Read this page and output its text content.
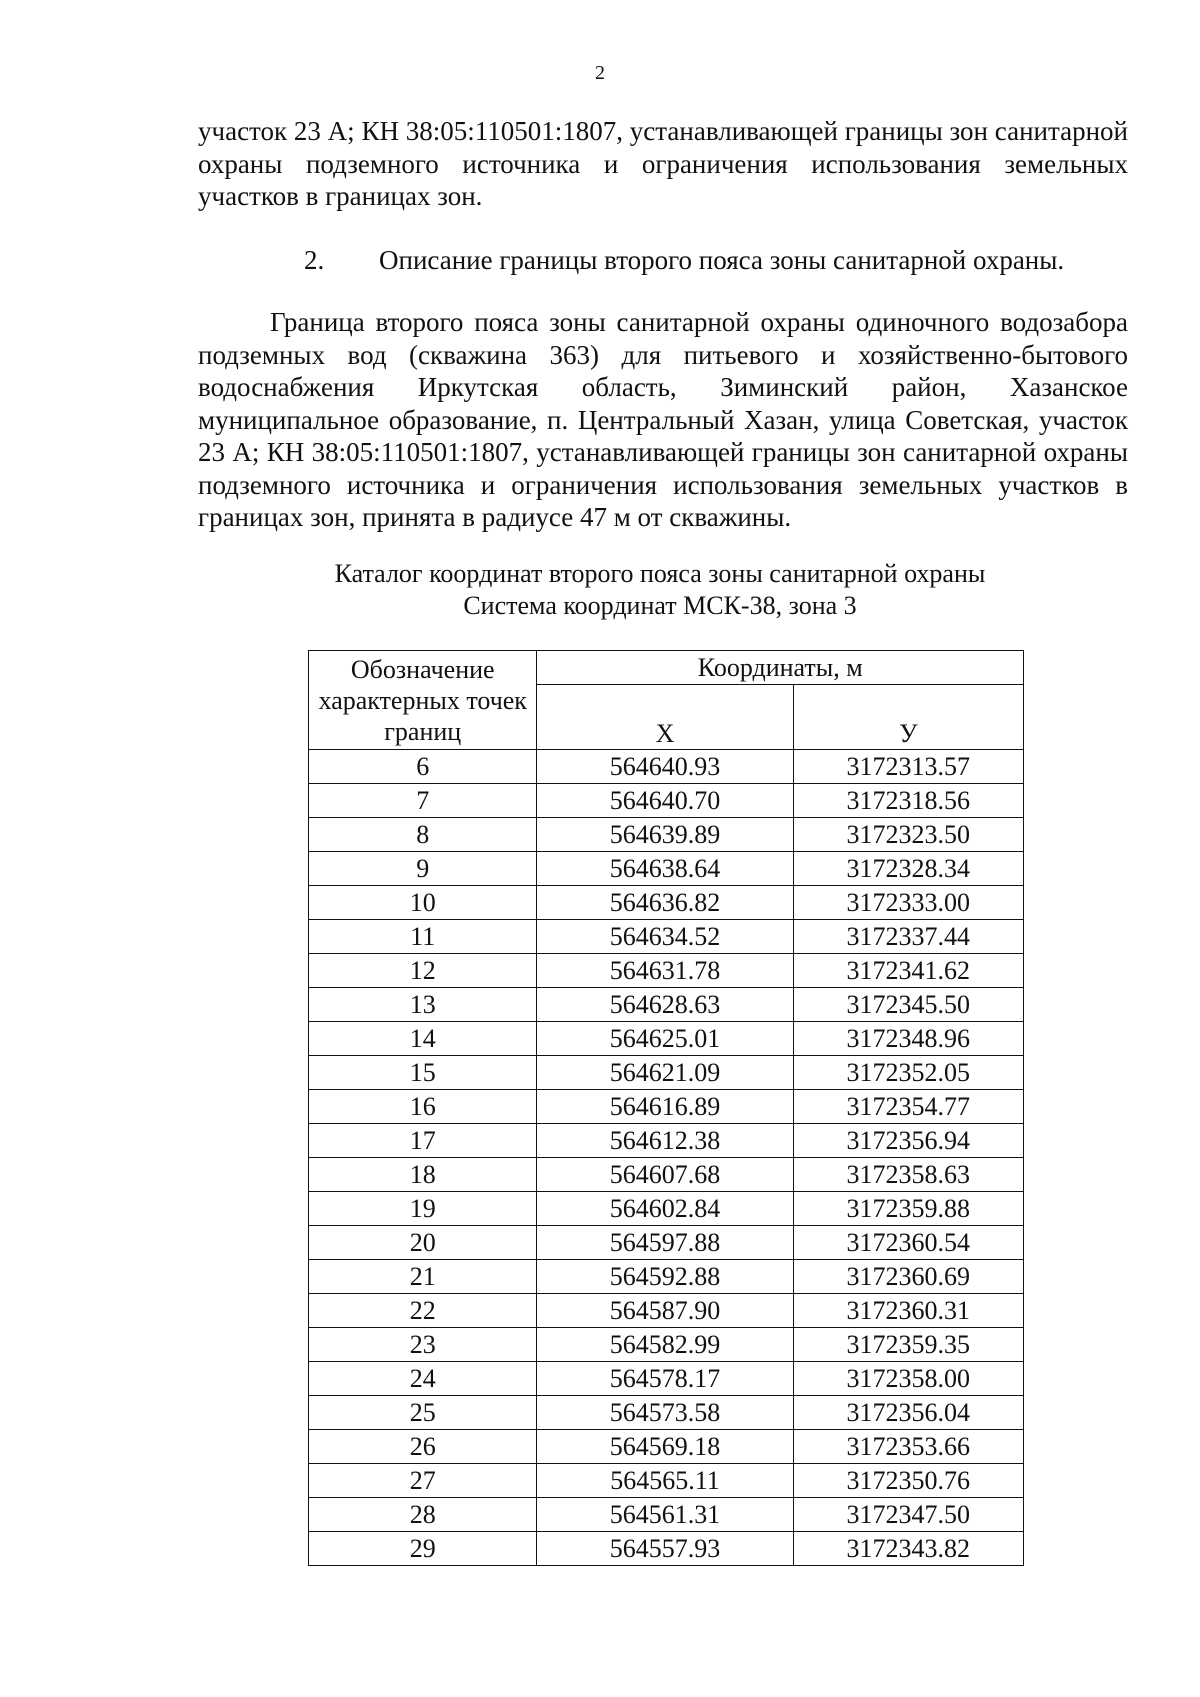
2

участок 23 А; КН 38:05:110501:1807, устанавливающей границы зон санитарной охраны подземного источника и ограничения использования земельных участков в границах зон.

2. Описание границы второго пояса зоны санитарной охраны.

Граница второго пояса зоны санитарной охраны одиночного водозабора подземных вод (скважина 363) для питьевого и хозяйственно-бытового водоснабжения Иркутская область, Зиминский район, Хазанское муниципальное образование, п. Центральный Хазан, улица Советская, участок 23 А; КН 38:05:110501:1807, устанавливающей границы зон санитарной охраны подземного источника и ограничения использования земельных участков в границах зон, принята в радиусе 47 м от скважины.

Каталог координат второго пояса зоны санитарной охраны
Система координат МСК-38, зона 3
Обозначение характерных точек границ	Координаты, м	
	Х	У
6	564640.93	3172313.57
7	564640.70	3172318.56
8	564639.89	3172323.50
9	564638.64	3172328.34
10	564636.82	3172333.00
11	564634.52	3172337.44
12	564631.78	3172341.62
13	564628.63	3172345.50
14	564625.01	3172348.96
15	564621.09	3172352.05
16	564616.89	3172354.77
17	564612.38	3172356.94
18	564607.68	3172358.63
19	564602.84	3172359.88
20	564597.88	3172360.54
21	564592.88	3172360.69
22	564587.90	3172360.31
23	564582.99	3172359.35
24	564578.17	3172358.00
25	564573.58	3172356.04
26	564569.18	3172353.66
27	564565.11	3172350.76
28	564561.31	3172347.50
29	564557.93	3172343.82
